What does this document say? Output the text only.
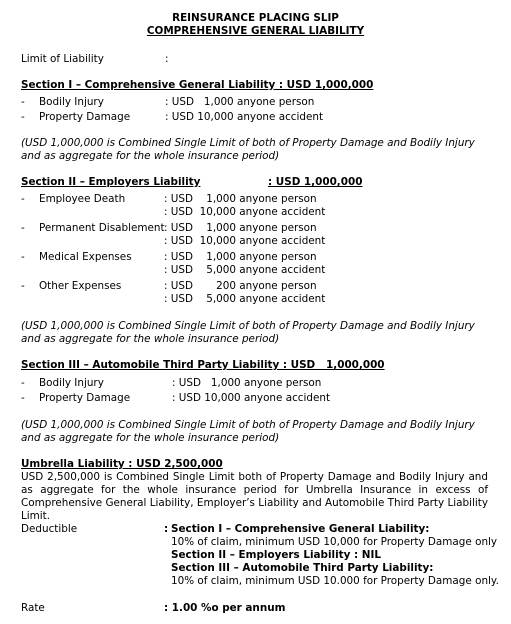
REINSURANCE PLACING SLIP
COMPREHENSIVE GENERAL LIABILITY
Limit of Liability	:
Section I – Comprehensive General Liability : USD 1,000,000
- Bodily Injury	: USD   1,000 anyone person
- Property Damage	: USD 10,000 anyone accident
(USD 1,000,000 is Combined Single Limit of both of Property Damage and Bodily Injury and as aggregate for the whole insurance period)
Section II – Employers Liability	: USD 1,000,000
- Employee Death	: USD    1,000 anyone person
: USD  10,000 anyone accident
- Permanent Disablement : USD    1,000 anyone person
: USD  10,000 anyone accident
- Medical Expenses	: USD    1,000 anyone person
: USD    5,000 anyone accident
- Other Expenses	: USD       200 anyone person
: USD    5,000 anyone accident
(USD 1,000,000 is Combined Single Limit of both of Property Damage and Bodily Injury and as aggregate for the whole insurance period)
Section III – Automobile Third Party Liability : USD   1,000,000
- Bodily Injury	: USD   1,000 anyone person
- Property Damage	: USD 10,000 anyone accident
(USD 1,000,000 is Combined Single Limit of both of Property Damage and Bodily Injury and as aggregate for the whole insurance period)
Umbrella Liability : USD 2,500,000
USD 2,500,000 is Combined Single Limit both of Property Damage and Bodily Injury and as aggregate for the whole insurance period for Umbrella Insurance in excess of Comprehensive General Liability, Employer’s Liability and Automobile Third Party Liability Limit.
Deductible	: Section I – Comprehensive General Liability:
10% of claim, minimum USD 10,000 for Property Damage only
Section II – Employers Liability : NIL
Section III – Automobile Third Party Liability:
10% of claim, minimum USD 10.000 for Property Damage only.
Rate	: 1.00 %o per annum
